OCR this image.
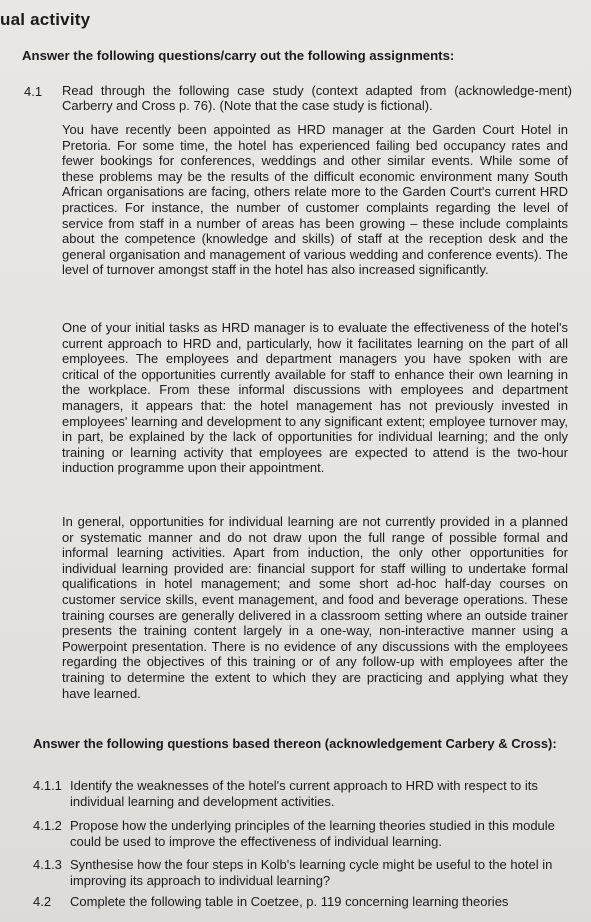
ual activity
Answer the following questions/carry out the following assignments:
4.1 Read through the following case study (context adapted from (acknowledge-ment) Carberry and Cross p. 76). (Note that the case study is fictional).

You have recently been appointed as HRD manager at the Garden Court Hotel in Pretoria. For some time, the hotel has experienced failing bed occupancy rates and fewer bookings for conferences, weddings and other similar events. While some of these problems may be the results of the difficult economic environment many South African organisations are facing, others relate more to the Garden Court's current HRD practices. For instance, the number of customer complaints regarding the level of service from staff in a number of areas has been growing – these include complaints about the competence (knowledge and skills) of staff at the reception desk and the general organisation and management of various wedding and conference events). The level of turnover amongst staff in the hotel has also increased significantly.

One of your initial tasks as HRD manager is to evaluate the effectiveness of the hotel's current approach to HRD and, particularly, how it facilitates learning on the part of all employees. The employees and department managers you have spoken with are critical of the opportunities currently available for staff to enhance their own learning in the workplace. From these informal discussions with employees and department managers, it appears that: the hotel management has not previously invested in employees' learning and development to any significant extent; employee turnover may, in part, be explained by the lack of opportunities for individual learning; and the only training or learning activity that employees are expected to attend is the two-hour induction programme upon their appointment.

In general, opportunities for individual learning are not currently provided in a planned or systematic manner and do not draw upon the full range of possible formal and informal learning activities. Apart from induction, the only other opportunities for individual learning provided are: financial support for staff willing to undertake formal qualifications in hotel management; and some short ad-hoc half-day courses on customer service skills, event management, and food and beverage operations. These training courses are generally delivered in a classroom setting where an outside trainer presents the training content largely in a one-way, non-interactive manner using a Powerpoint presentation. There is no evidence of any discussions with the employees regarding the objectives of this training or of any follow-up with employees after the training to determine the extent to which they are practicing and applying what they have learned.

Answer the following questions based thereon (acknowledgement Carbery & Cross):

4.1.1 Identify the weaknesses of the hotel's current approach to HRD with respect to its individual learning and development activities.

4.1.2 Propose how the underlying principles of the learning theories studied in this module could be used to improve the effectiveness of individual learning.

4.1.3 Synthesise how the four steps in Kolb's learning cycle might be useful to the hotel in improving its approach to individual learning?

4.2 Complete the following table in Coetzee, p. 119 concerning learning theories
